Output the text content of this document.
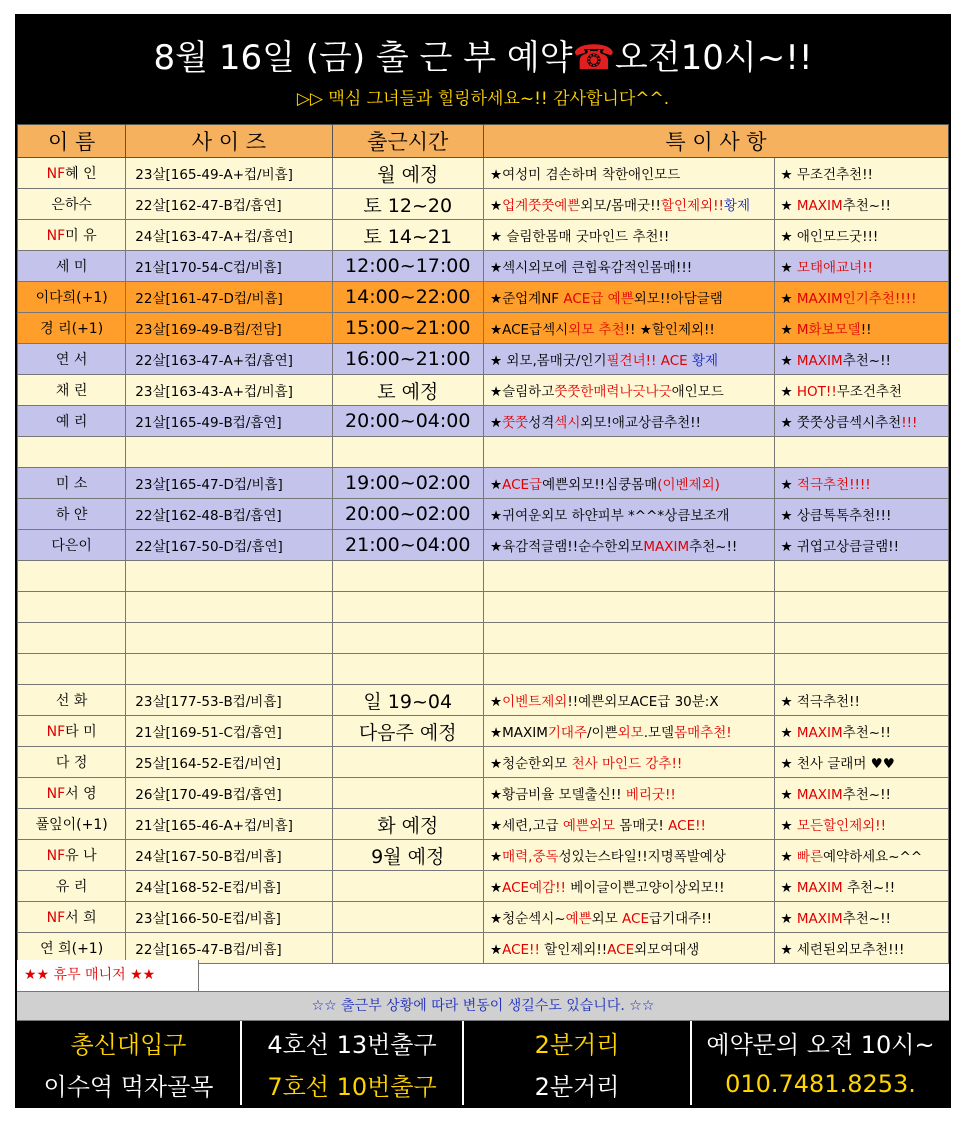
8월 16일 (금) 출 근 부 예약☎오전10시~!!
▷▷ 맥심 그녀들과 힐링하세요~!! 감사합니다^^.
이 름	사 이 즈	출근시간	특 이 사 항	
NF혜 인	23살[165-49-A+컵/비흡]	월 예정	★여성미 겸손하며 착한애인모드	★ 무조건추천!!
은하수	22살[162-47-B컵/흡연]	토 12~20	★업계쭛쭛예쁜외모/몸매굿!!할인제외!!황제	★ MAXIM추천~!!
NF미 유	24살[163-47-A+컵/흡연]	토 14~21	★ 슬림한몸매 굿마인드 추천!!	★ 애인모드굿!!!
세 미	21살[170-54-C컵/비흡]	12:00~17:00	★섹시외모에 큰힙육감적인몸매!!!	★ 모태애교녀!!
이다희(+1)	22살[161-47-D컵/비흡]	14:00~22:00	★준업계NF ACE급 예쁜외모!!아담글램	★ MAXIM인기추천!!!!
경 리(+1)	23살[169-49-B컵/전담]	15:00~21:00	★ACE급섹시외모 추천!! ★할인제외!!	★ M화보모델!!
연 서	22살[163-47-A+컵/흡연]	16:00~21:00	★ 외모,몸매굿/인기필견녀!! ACE 황제	★ MAXIM추천~!!
채 린	23살[163-43-A+컵/비흡]	토 예정	★슬림하고쭛쭛한매력나긋나긋애인모드	★ HOT!!무조건추천
예 리	21살[165-49-B컵/흡연]	20:00~04:00	★쭛쭛성격섹시외모!애교상큼추천!!	★ 쭛쭛상큼섹시추천!!!

미 소	23살[165-47-D컵/비흡]	19:00~02:00	★ACE급예쁜외모!!심쿵몸매(이벤제외)	★ 적극추천!!!!
하 얀	22살[162-48-B컵/흡연]	20:00~02:00	★귀여운외모 하얀피부 *^^*상큼보조개	★ 상큼톡톡추천!!!
다은이	22살[167-50-D컵/흡연]	21:00~04:00	★육감적글램!!순수한외모MAXIM추천~!!	★ 귀엽고상큼글램!!

선 화	23살[177-53-B컵/비흡]	일 19~04	★이벤트제외!!예쁜외모ACE급 30분:X	★ 적극추천!!
NF타 미	21살[169-51-C컵/흡연]	다음주 예정	★MAXIM기대주/이쁜외모.모델몸매추천!	★ MAXIM추천~!!
다 정	25살[164-52-E컵/비연]		★청순한외모 천사 마인드 강추!!	★ 천사 글래머 ♥♥
NF서 영	26살[170-49-B컵/흡연]		★황금비율 모델출신!! 베리굿!!	★ MAXIM추천~!!
풀잎이(+1)	21살[165-46-A+컵/비흡]	화 예정	★세련,고급 예쁜외모 몸매굿! ACE!!	★ 모든할인제외!!
NF유 나	24살[167-50-B컵/비흡]	9월 예정	★매력,중독성있는스타일!!지명폭발예상	★ 빠른예약하세요~^^
유 리	24살[168-52-E컵/비흡]		★ACE예감!! 베이글이쁜고양이상외모!!	★ MAXIM 추천~!!
NF서 희	23살[166-50-E컵/비흡]		★청순섹시~예쁜외모 ACE급기대주!!	★ MAXIM추천~!!
연 희(+1)	22살[165-47-B컵/비흡]		★ACE!! 할인제외!!ACE외모여대생	★ 세련된외모추천!!!
★★ 휴무 매니저 ★★
☆☆ 출근부 상황에 따라 변동이 생길수도 있습니다. ☆☆
총신대입구	4호선 13번출구	2분거리	예약문의 오전 10시~
이수역 먹자골목	7호선 10번출구	2분거리	010.7481.8253.
